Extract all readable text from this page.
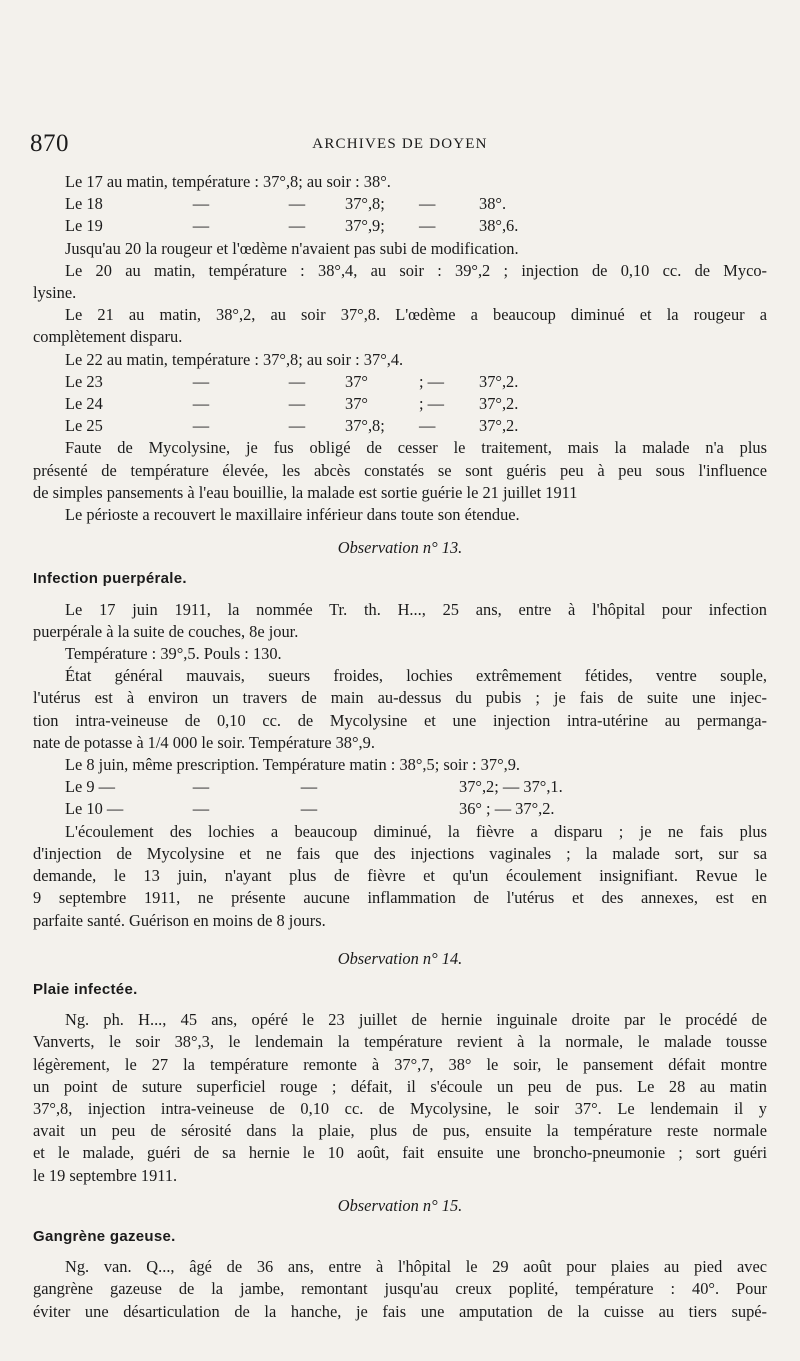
870	ARCHIVES DE DOYEN
Le 17 au matin, température
: 37°,8;
au soir : 38°.
Le 18	—	—	37°,8;	—	38°.
Le 19	—	—	37°,9;	—	38°,6.
Jusqu'au 20 la rougeur et l'œdème n'avaient pas subi de modification.
Le 20 au matin, température : 38°,4, au soir : 39°,2 ; injection de 0,10 cc. de Myco-
lysine.
Le 21 au matin, 38°,2, au soir 37°,8. L'œdème a beaucoup diminué et la rougeur a
complètement disparu.
Le 22 au matin, température
: 37°,8;
au soir : 37°,4.
Le 23	—	—	37°	; —	37°,2.
Le 24	—	—	37°	; —	37°,2.
Le 25	—	—	37°,8;	—	37°,2.
Faute de Mycolysine, je fus obligé de cesser le traitement, mais la malade n'a plus
présenté de température élevée, les abcès constatés se sont guéris peu à peu sous l'influence
de simples pansements à l'eau bouillie, la malade est sortie guérie le 21 juillet 1911
Le périoste a recouvert le maxillaire inférieur dans toute son étendue.
Observation n° 13.
Infection puerpérale.
Le 17 juin 1911, la nommée Tr. th. H..., 25 ans, entre à l'hôpital pour infection
puerpérale à la suite de couches, 8e jour.
Température : 39°,5. Pouls : 130.
État général mauvais, sueurs froides, lochies extrêmement fétides, ventre souple,
l'utérus est à environ un travers de main au-dessus du pubis ; je fais de suite une injec-
tion intra-veineuse de 0,10 cc. de Mycolysine et une injection intra-utérine au permanga-
nate de potasse à 1/4 000 le soir. Température 38°,9.
Le 8 juin, même prescription. Température matin : 38°,5; soir : 37°,9.
Le 9 —	—	—	37°,2; — 37°,1.
Le 10 —	—	—	36° ; — 37°,2.
L'écoulement des lochies a beaucoup diminué, la fièvre a disparu ; je ne fais plus
d'injection de Mycolysine et ne fais que des injections vaginales ; la malade sort, sur sa
demande, le 13 juin, n'ayant plus de fièvre et qu'un écoulement insignifiant. Revue le
9 septembre 1911, ne présente aucune inflammation de l'utérus et des annexes, est en
parfaite santé. Guérison en moins de 8 jours.
Observation n° 14.
Plaie infectée.
Ng. ph. H..., 45 ans, opéré le 23 juillet de hernie inguinale droite par le procédé de
Vanverts, le soir 38°,3, le lendemain la température revient à la normale, le malade tousse
légèrement, le 27 la température remonte à 37°,7, 38° le soir, le pansement défait montre
un point de suture superficiel rouge ; défait, il s'écoule un peu de pus. Le 28 au matin
37°,8, injection intra-veineuse de 0,10 cc. de Mycolysine, le soir 37°. Le lendemain il y
avait un peu de sérosité dans la plaie, plus de pus, ensuite la température reste normale
et le malade, guéri de sa hernie le 10 août, fait ensuite une broncho-pneumonie ; sort guéri
le 19 septembre 1911.
Observation n° 15.
Gangrène gazeuse.
Ng. van. Q..., âgé de 36 ans, entre à l'hôpital le 29 août pour plaies au pied avec
gangrène gazeuse de la jambe, remontant jusqu'au creux poplité, température : 40°. Pour
éviter une désarticulation de la hanche, je fais une amputation de la cuisse au tiers supé-
